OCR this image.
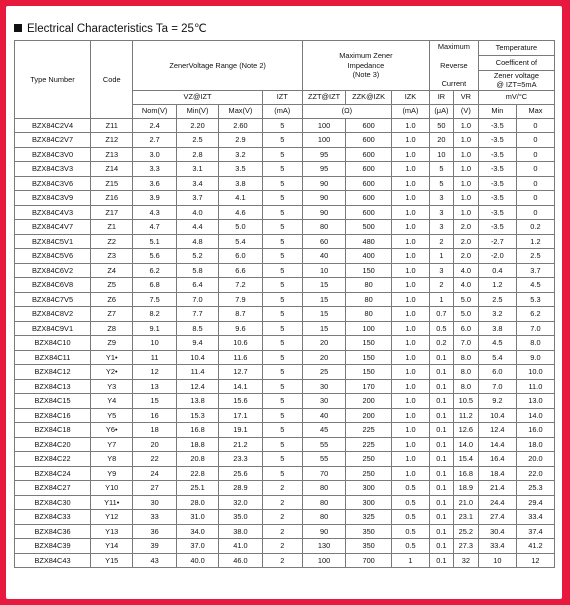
Electrical Characteristics Ta = 25℃
Type Number	Code	ZenerVoltage Range (Note 2)				Maximum Zener
Impedance
(Note 3)			Maximum

Reverse

Current		Temperature	
											Coefficent of	
											Zener voltage
@ IZT=5mA	
		VZ@IZT			IZT	ZZT@IZT	ZZK@IZK	IZK	IR	VR	mV/°C	
		Nom(V)	Min(V)	Max(V)	(mA)	(Ω)		(mA)	(μA)	(V)	Min	Max
BZX84C2V4	Z11	2.4	2.20	2.60	5	100	600	1.0	50	1.0	-3.5	0
BZX84C2V7	Z12	2.7	2.5	2.9	5	100	600	1.0	20	1.0	-3.5	0
BZX84C3V0	Z13	3.0	2.8	3.2	5	95	600	1.0	10	1.0	-3.5	0
BZX84C3V3	Z14	3.3	3.1	3.5	5	95	600	1.0	5	1.0	-3.5	0
BZX84C3V6	Z15	3.6	3.4	3.8	5	90	600	1.0	5	1.0	-3.5	0
BZX84C3V9	Z16	3.9	3.7	4.1	5	90	600	1.0	3	1.0	-3.5	0
BZX84C4V3	Z17	4.3	4.0	4.6	5	90	600	1.0	3	1.0	-3.5	0
BZX84C4V7	Z1	4.7	4.4	5.0	5	80	500	1.0	3	2.0	-3.5	0.2
BZX84C5V1	Z2	5.1	4.8	5.4	5	60	480	1.0	2	2.0	-2.7	1.2
BZX84C5V6	Z3	5.6	5.2	6.0	5	40	400	1.0	1	2.0	-2.0	2.5
BZX84C6V2	Z4	6.2	5.8	6.6	5	10	150	1.0	3	4.0	0.4	3.7
BZX84C6V8	Z5	6.8	6.4	7.2	5	15	80	1.0	2	4.0	1.2	4.5
BZX84C7V5	Z6	7.5	7.0	7.9	5	15	80	1.0	1	5.0	2.5	5.3
BZX84C8V2	Z7	8.2	7.7	8.7	5	15	80	1.0	0.7	5.0	3.2	6.2
BZX84C9V1	Z8	9.1	8.5	9.6	5	15	100	1.0	0.5	6.0	3.8	7.0
BZX84C10	Z9	10	9.4	10.6	5	20	150	1.0	0.2	7.0	4.5	8.0
BZX84C11	Y1•	11	10.4	11.6	5	20	150	1.0	0.1	8.0	5.4	9.0
BZX84C12	Y2•	12	11.4	12.7	5	25	150	1.0	0.1	8.0	6.0	10.0
BZX84C13	Y3	13	12.4	14.1	5	30	170	1.0	0.1	8.0	7.0	11.0
BZX84C15	Y4	15	13.8	15.6	5	30	200	1.0	0.1	10.5	9.2	13.0
BZX84C16	Y5	16	15.3	17.1	5	40	200	1.0	0.1	11.2	10.4	14.0
BZX84C18	Y6•	18	16.8	19.1	5	45	225	1.0	0.1	12.6	12.4	16.0
BZX84C20	Y7	20	18.8	21.2	5	55	225	1.0	0.1	14.0	14.4	18.0
BZX84C22	Y8	22	20.8	23.3	5	55	250	1.0	0.1	15.4	16.4	20.0
BZX84C24	Y9	24	22.8	25.6	5	70	250	1.0	0.1	16.8	18.4	22.0
BZX84C27	Y10	27	25.1	28.9	2	80	300	0.5	0.1	18.9	21.4	25.3
BZX84C30	Y11•	30	28.0	32.0	2	80	300	0.5	0.1	21.0	24.4	29.4
BZX84C33	Y12	33	31.0	35.0	2	80	325	0.5	0.1	23.1	27.4	33.4
BZX84C36	Y13	36	34.0	38.0	2	90	350	0.5	0.1	25.2	30.4	37.4
BZX84C39	Y14	39	37.0	41.0	2	130	350	0.5	0.1	27.3	33.4	41.2
BZX84C43	Y15	43	40.0	46.0	2	100	700	1	0.1	32	10	12
